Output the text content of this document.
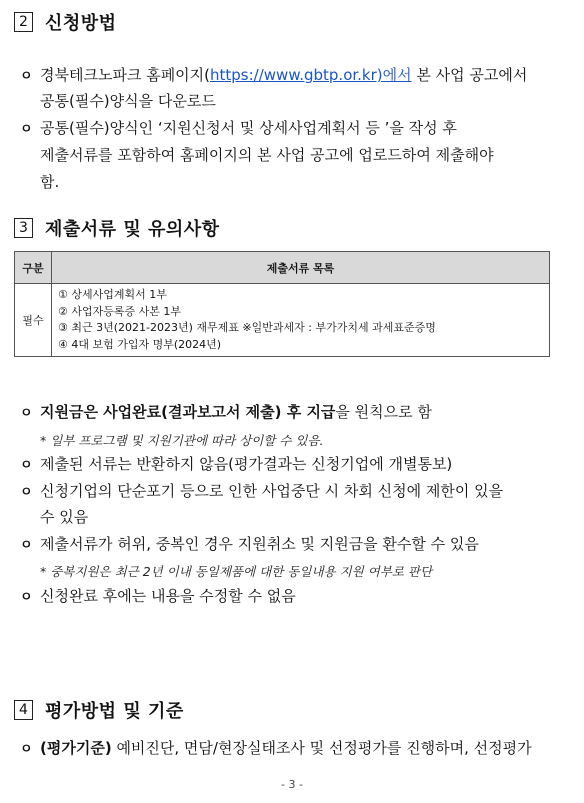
2 신청방법
ㅇ 경북테크노파크 홈페이지(https://www.gbtp.or.kr)에서 본 사업 공고에서
공통(필수)양식을 다운로드
ㅇ 공통(필수)양식인 ‘지원신청서 및 상세사업계획서 등 ’을 작성 후
제출서류를 포함하여 홈페이지의 본 사업 공고에 업로드하여 제출해야
함.
3 제출서류 및 유의사항
구분	제출서류 목록
필수	① 상세사업계획서 1부
② 사업자등록증 사본 1부
③ 최근 3년(2021-2023년) 재무제표 ※일반과세자 : 부가가치세 과세표준증명
④ 4대 보험 가입자 명부(2024년)
ㅇ 지원금은 사업완료(결과보고서 제출) 후 지급을 원칙으로 함
* 일부 프로그램 및 지원기관에 따라 상이할 수 있음.
ㅇ 제출된 서류는 반환하지 않음(평가결과는 신청기업에 개별통보)
ㅇ 신청기업의 단순포기 등으로 인한 사업중단 시 차회 신청에 제한이 있을
수 있음
ㅇ 제출서류가 허위, 중복인 경우 지원취소 및 지원금을 환수할 수 있음
* 중복지원은 최근 2년 이내 동일제품에 대한 동일내용 지원 여부로 판단
ㅇ 신청완료 후에는 내용을 수정할 수 없음
4 평가방법 및 기준
ㅇ (평가기준) 예비진단, 면담/현장실태조사 및 선정평가를 진행하며, 선정평가
- 3 -
